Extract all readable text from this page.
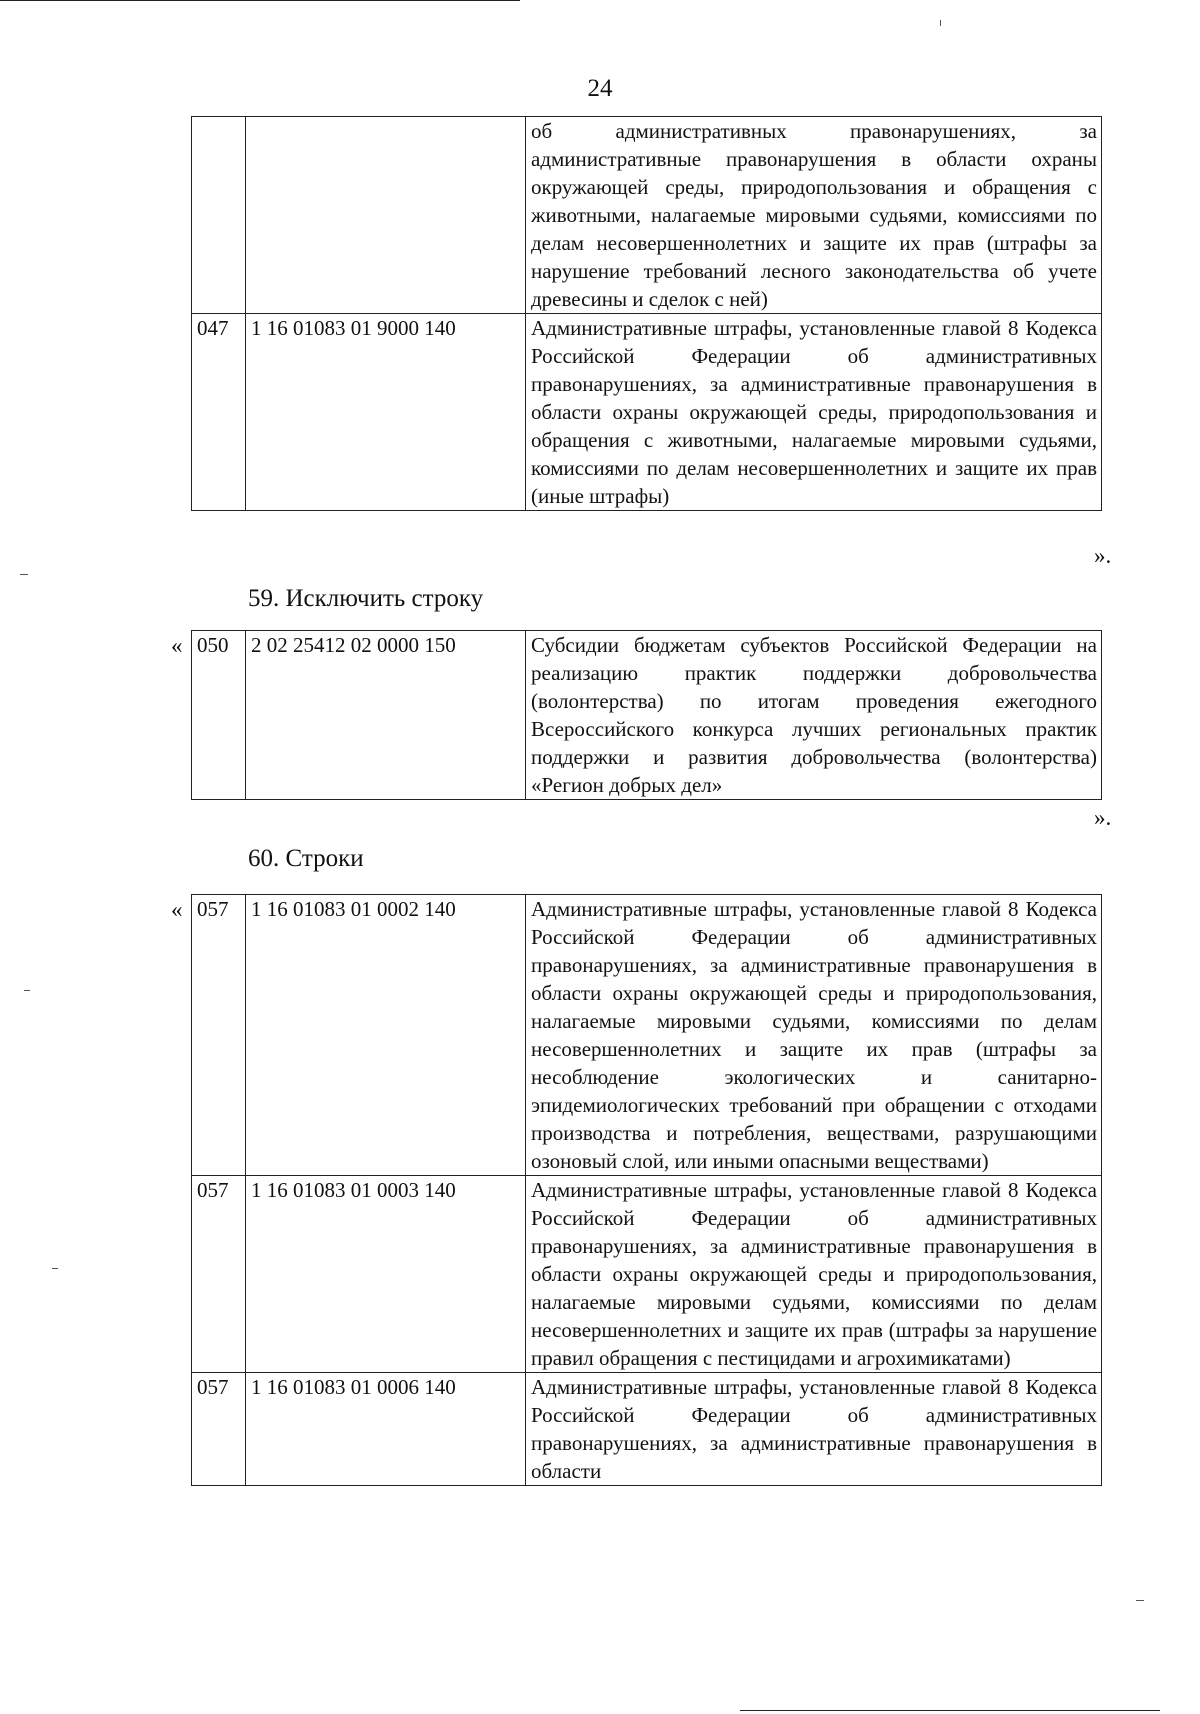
24
		об административных правонарушениях, за административные правонарушения в области охраны окружающей среды, природопользования и обращения с животными, налагаемые мировыми судьями, комиссиями по делам несовершеннолетних и защите их прав (штрафы за нарушение требований лесного законодательства об учете древесины и сделок с ней)
047	1 16 01083 01 9000 140	Административные штрафы, установленные главой 8 Кодекса Российской Федерации об административных правонарушениях, за административные правонарушения в области охраны окружающей среды, природопользования и обращения с животными, налагаемые мировыми судьями, комиссиями по делам несовершеннолетних и защите их прав (иные штрафы)
».
59. Исключить строку
« 050	2 02 25412 02 0000 150	Субсидии бюджетам субъектов Российской Федерации на реализацию практик поддержки добровольчества (волонтерства) по итогам проведения ежегодного Всероссийского конкурса лучших региональных практик поддержки и развития добровольчества (волонтерства) «Регион добрых дел»
».
60. Строки
« 057	1 16 01083 01 0002 140	Административные штрафы, установленные главой 8 Кодекса Российской Федерации об административных правонарушениях, за административные правонарушения в области охраны окружающей среды и природопользования, налагаемые мировыми судьями, комиссиями по делам несовершеннолетних и защите их прав (штрафы за несоблюдение экологических и санитарно-эпидемиологических требований при обращении с отходами производства и потребления, веществами, разрушающими озоновый слой, или иными опасными веществами)
057	1 16 01083 01 0003 140	Административные штрафы, установленные главой 8 Кодекса Российской Федерации об административных правонарушениях, за административные правонарушения в области охраны окружающей среды и природопользования, налагаемые мировыми судьями, комиссиями по делам несовершеннолетних и защите их прав (штрафы за нарушение правил обращения с пестицидами и агрохимикатами)
057	1 16 01083 01 0006 140	Административные штрафы, установленные главой 8 Кодекса Российской Федерации об административных правонарушениях, за административные правонарушения в области
